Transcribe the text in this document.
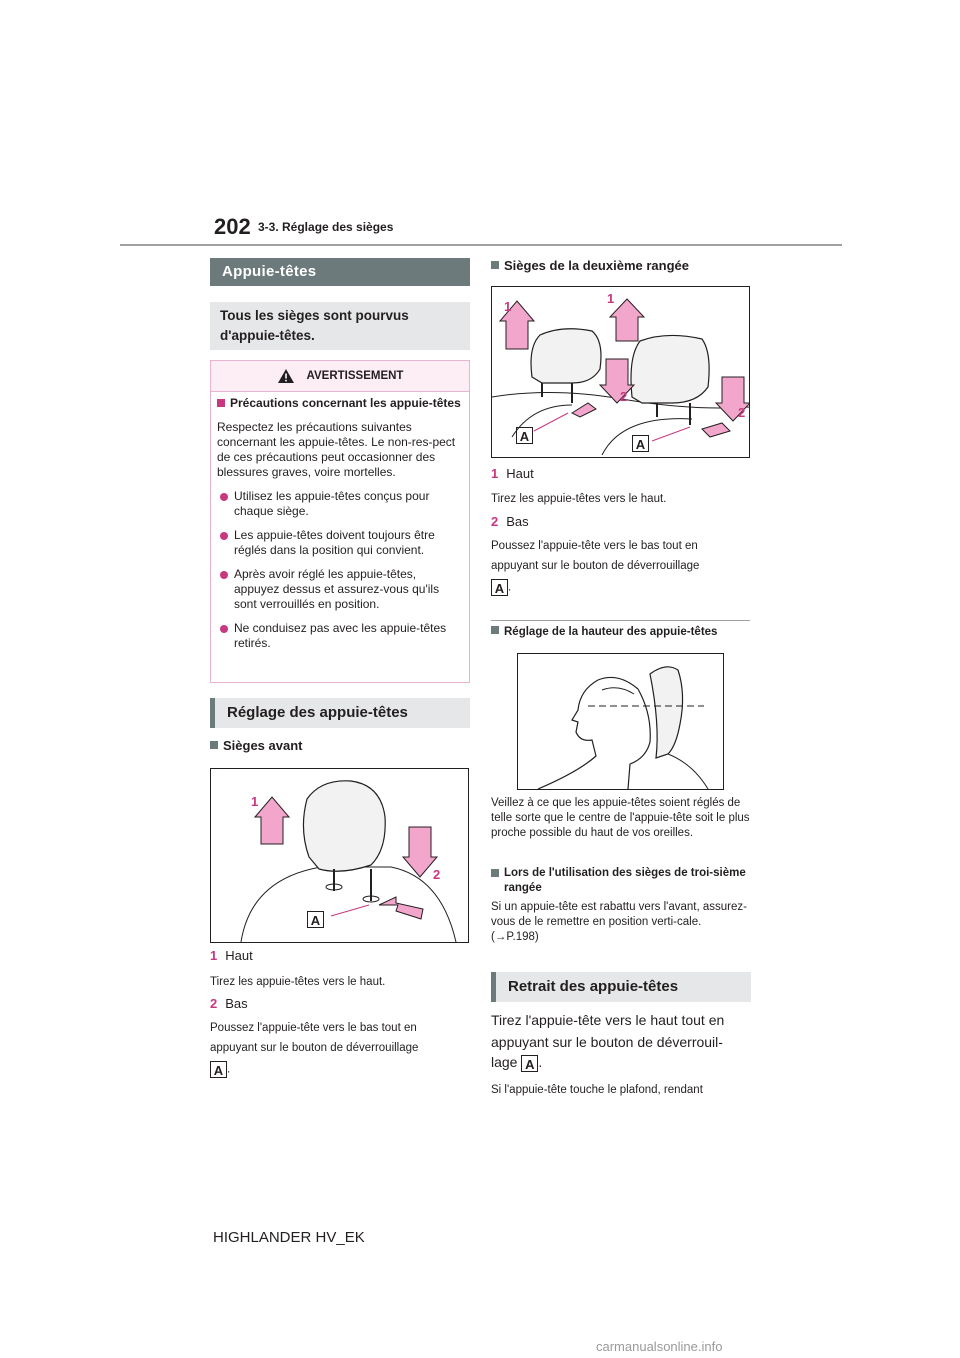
202 3-3. Réglage des sièges
Appuie-têtes
Tous les sièges sont pourvus d'appuie-têtes.
AVERTISSEMENT

Précautions concernant les appuie-têtes

Respectez les précautions suivantes concernant les appuie-têtes. Le non-res-pect de ces précautions peut occasionner des blessures graves, voire mortelles.

Utilisez les appuie-têtes conçus pour chaque siège.
Les appuie-têtes doivent toujours être réglés dans la position qui convient.
Après avoir réglé les appuie-têtes, appuyez dessus et assurez-vous qu'ils sont verrouillés en position.
Ne conduisez pas avec les appuie-têtes retirés.
Réglage des appuie-têtes
Sièges avant
1
2
A
1 Haut
Tirez les appuie-têtes vers le haut.
2 Bas
Poussez l'appuie-tête vers le bas tout en
appuyant sur le bouton de déverrouillage
A .
Sièges de la deuxième rangée
1
1
2
2
A
A
1 Haut
Tirez les appuie-têtes vers le haut.
2 Bas
Poussez l'appuie-tête vers le bas tout en
appuyant sur le bouton de déverrouillage
A .
Réglage de la hauteur des appuie-têtes
Veillez à ce que les appuie-têtes soient réglés de telle sorte que le centre de l'appuie-tête soit le plus proche possible du haut de vos oreilles.
Lors de l'utilisation des sièges de troi-sième rangée
Si un appuie-tête est rabattu vers l'avant, assurez-vous de le remettre en position verti-cale. (→P.198)
Retrait des appuie-têtes
Tirez l'appuie-tête vers le haut tout en
appuyant sur le bouton de déverrouil-
lage A .
Si l'appuie-tête touche le plafond, rendant
HIGHLANDER HV_EK
carmanualsonline.info
